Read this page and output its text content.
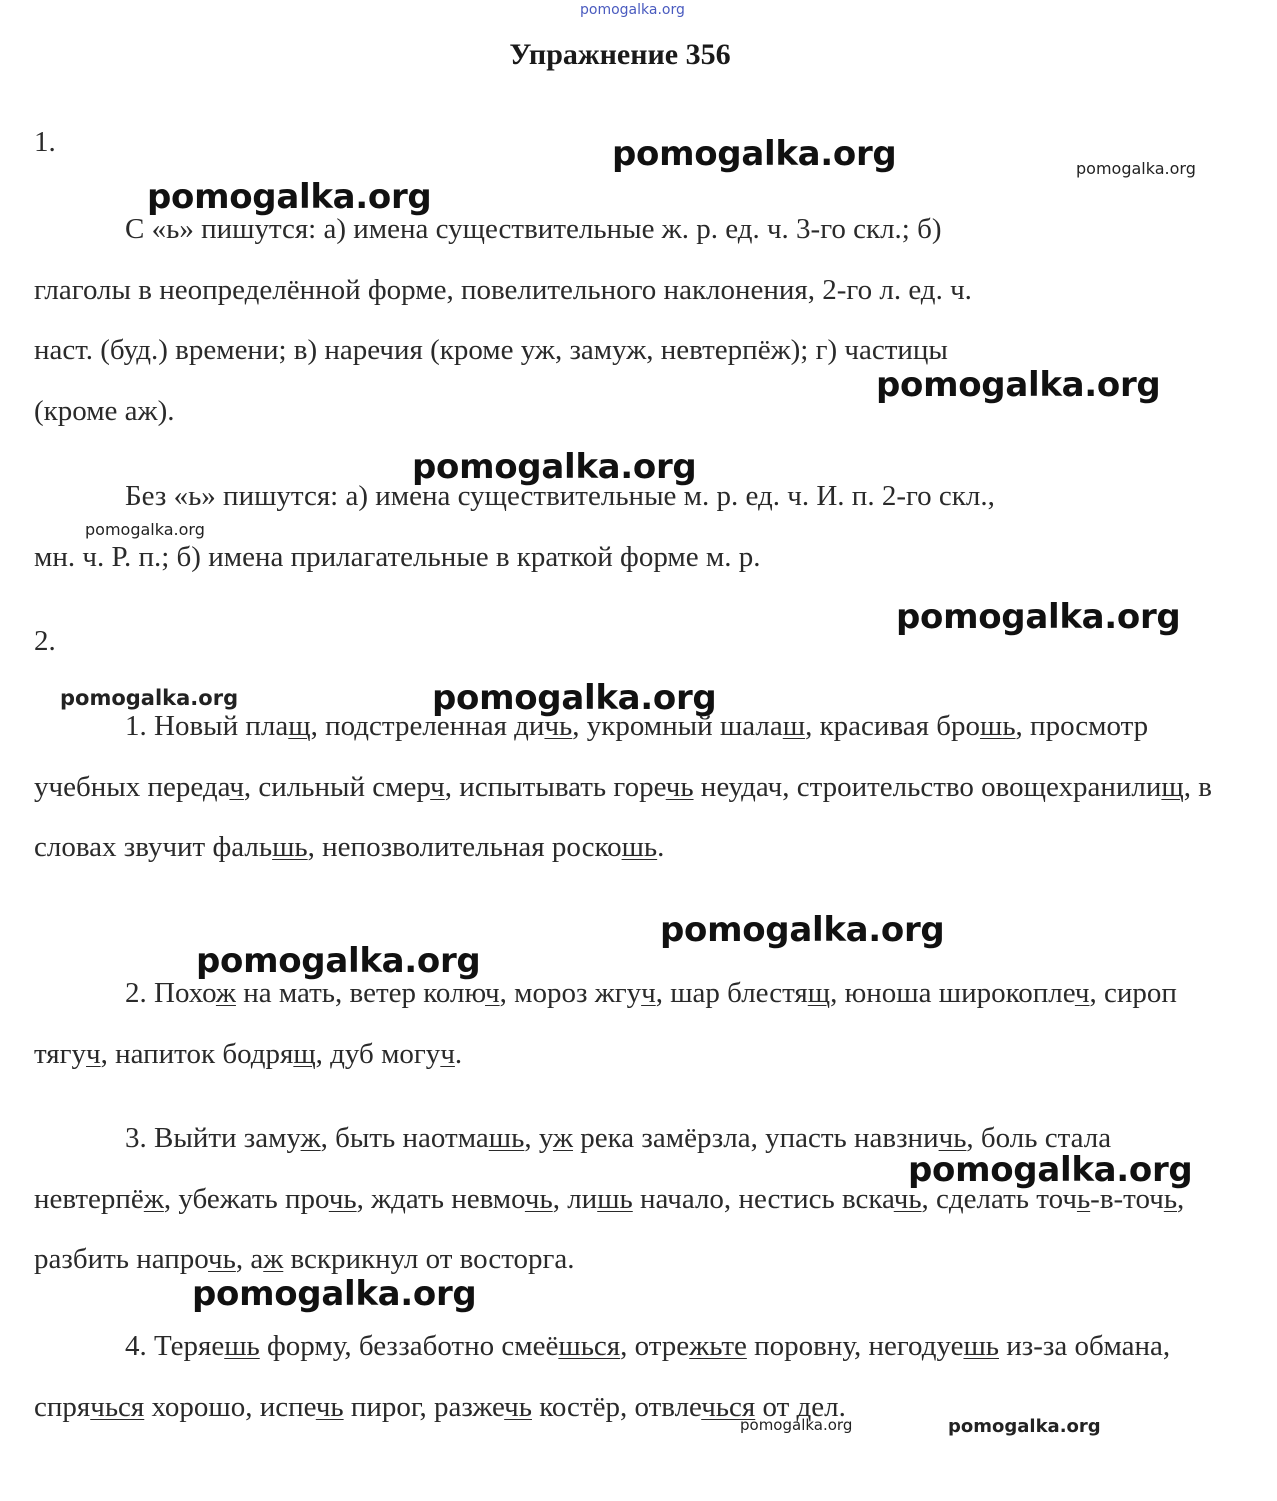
pomogalka.org
pomogalka.org	pomogalka.org
pomogalka.org
pomogalka.org
pomogalka.org
pomogalka.org
pomogalka.org
pomogalka.org	pomogalka.org
pomogalka.org
pomogalka.org
pomogalka.org
pomogalka.org
pomogalka.org	pomogalka.org
Упражнение 356
1.
С «ь» пишутся: а) имена существительные ж. р. ед. ч. 3-го скл.; б)
глаголы в неопределённой форме, повелительного наклонения, 2-го л. ед. ч.
наст. (буд.) времени; в) наречия (кроме уж, замуж, невтерпёж); г) частицы
(кроме аж).
Без «ь» пишутся: а) имена существительные м. р. ед. ч. И. п. 2-го скл.,
мн. ч. Р. п.; б) имена прилагательные в краткой форме м. р.
2.
1. Новый плащ, подстреленная дичь, укромный шалаш, красивая брошь, просмотр учебных передач, сильный смерч, испытывать горечь неудач, строительство овощехранилищ, в словах звучит фальшь, непозволительная роскошь.
2. Похож на мать, ветер колюч, мороз жгуч, шар блестящ, юноша широкоплеч, сироп тягуч, напиток бодрящ, дуб могуч.
3. Выйти замуж, быть наотмашь, уж река замёрзла, упасть навзничь, боль стала невтерпёж, убежать прочь, ждать невмочь, лишь начало, нестись вскачь, сделать точь-в-точь, разбить напрочь, аж вскрикнул от восторга.
4. Теряешь форму, беззаботно смеёшься, отрежьте поровну, негодуешь из-за обмана, спрячься хорошо, испечь пирог, разжечь костёр, отвлечься от дел.
